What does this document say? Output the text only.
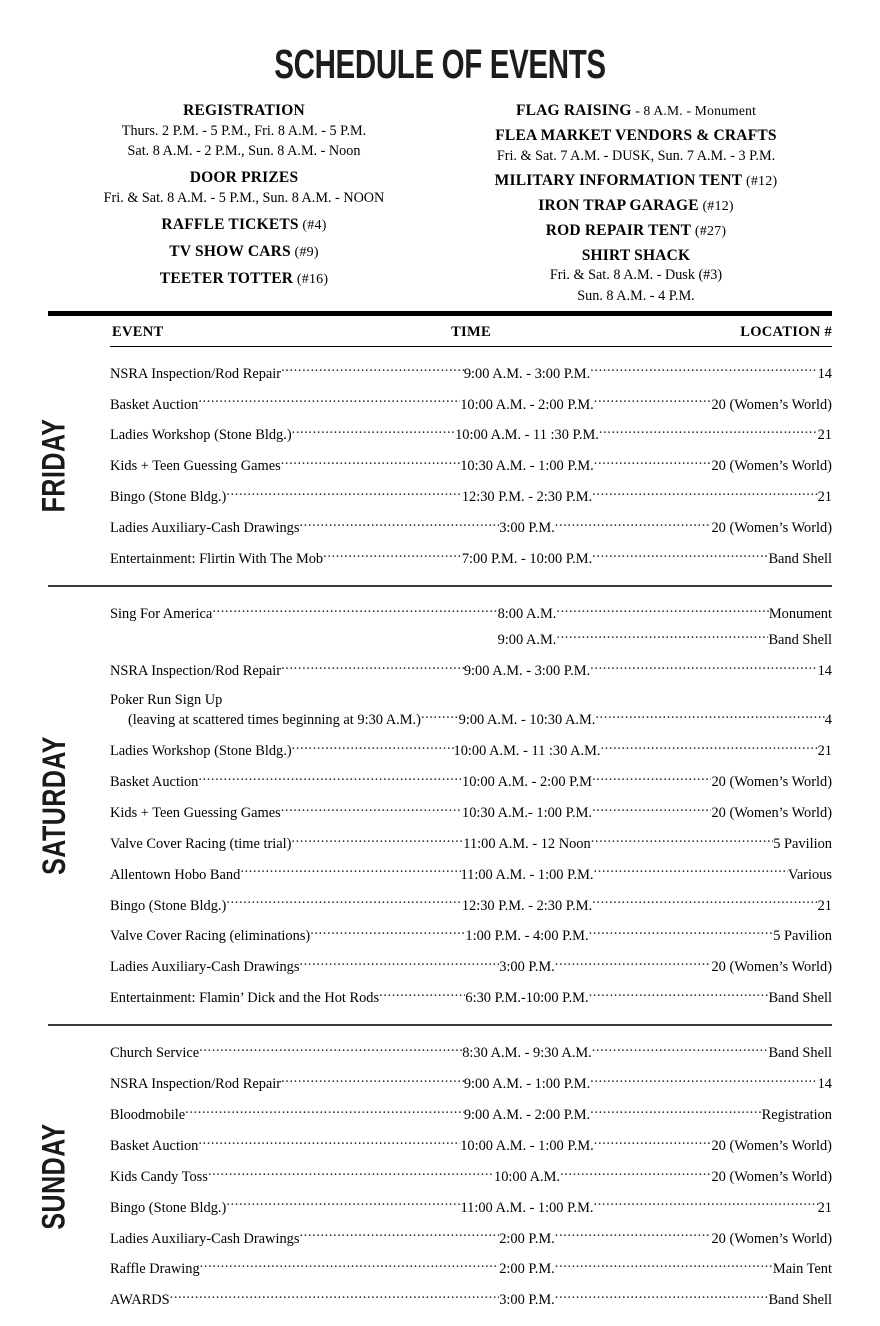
SCHEDULE OF EVENTS
REGISTRATION
Thurs. 2 P.M. - 5 P.M., Fri. 8 A.M. - 5 P.M.
Sat. 8 A.M. - 2 P.M., Sun. 8 A.M. - Noon
DOOR PRIZES
Fri. & Sat. 8 A.M. - 5 P.M., Sun. 8 A.M. - NOON
RAFFLE TICKETS (#4)
TV SHOW CARS (#9)
TEETER TOTTER (#16)
FLAG RAISING - 8 A.M. - Monument
FLEA MARKET VENDORS & CRAFTS
Fri. & Sat. 7 A.M. - DUSK, Sun. 7 A.M. - 3 P.M.
MILITARY INFORMATION TENT (#12)
IRON TRAP GARAGE (#12)
ROD REPAIR TENT (#27)
SHIRT SHACK
Fri. & Sat. 8 A.M. - Dusk (#3)
Sun. 8 A.M. - 4 P.M.
EVENT	TIME	LOCATION #
FRIDAY
NSRA Inspection/Rod Repair .....	9:00 A.M. - 3:00 P.M. .....	14
Basket Auction .....	10:00 A.M. - 2:00 P.M. .....	20 (Women’s World)
Ladies Workshop (Stone Bldg.) .....	10:00 A.M. - 11 :30 P.M. .....	21
Kids + Teen Guessing Games .....	10:30 A.M. - 1:00 P.M. .....	20 (Women’s World)
Bingo (Stone Bldg.) .....	12:30 P.M. - 2:30 P.M. .....	21
Ladies Auxiliary-Cash Drawings .....	3:00 P.M. .....	20 (Women’s World)
Entertainment: Flirtin With The Mob .....	7:00 P.M. - 10:00 P.M. .....	Band Shell
SATURDAY
Sing For America .....	8:00 A.M. .....	Monument
9:00 A.M. .....	Band Shell
NSRA Inspection/Rod Repair .....	9:00 A.M. - 3:00 P.M. .....	14
Poker Run Sign Up
(leaving at scattered times beginning at 9:30 A.M.) .....	9:00 A.M. - 10:30 A.M. .....	4
Ladies Workshop (Stone Bldg.) .....	10:00 A.M. - 11 :30 A.M. .....	21
Basket Auction .....	10:00 A.M. - 2:00 P.M .....	20 (Women’s World)
Kids + Teen Guessing Games .....	10:30 A.M.- 1:00 P.M. .....	20 (Women’s World)
Valve Cover Racing (time trial) .....	11:00 A.M. - 12 Noon .....	5 Pavilion
Allentown Hobo Band .....	11:00 A.M. - 1:00 P.M. .....	Various
Bingo (Stone Bldg.) .....	12:30 P.M. - 2:30 P.M. .....	21
Valve Cover Racing (eliminations) .....	1:00 P.M. - 4:00 P.M. .....	5 Pavilion
Ladies Auxiliary-Cash Drawings .....	3:00 P.M. .....	20 (Women’s World)
Entertainment: Flamin’ Dick and the Hot Rods .....	6:30 P.M.-10:00 P.M. .....	Band Shell
SUNDAY
Church Service .....	8:30 A.M. - 9:30 A.M. .....	Band Shell
NSRA Inspection/Rod Repair .....	9:00 A.M. - 1:00 P.M. .....	14
Bloodmobile .....	9:00 A.M. - 2:00 P.M. .....	Registration
Basket Auction .....	10:00 A.M. - 1:00 P.M. .....	20 (Women’s World)
Kids Candy Toss .....	10:00 A.M. .....	20 (Women’s World)
Bingo (Stone Bldg.) .....	11:00 A.M. - 1:00 P.M. .....	21
Ladies Auxiliary-Cash Drawings .....	2:00 P.M. .....	20 (Women’s World)
Raffle Drawing .....	2:00 P.M. .....	Main Tent
AWARDS .....	3:00 P.M. .....	Band Shell
